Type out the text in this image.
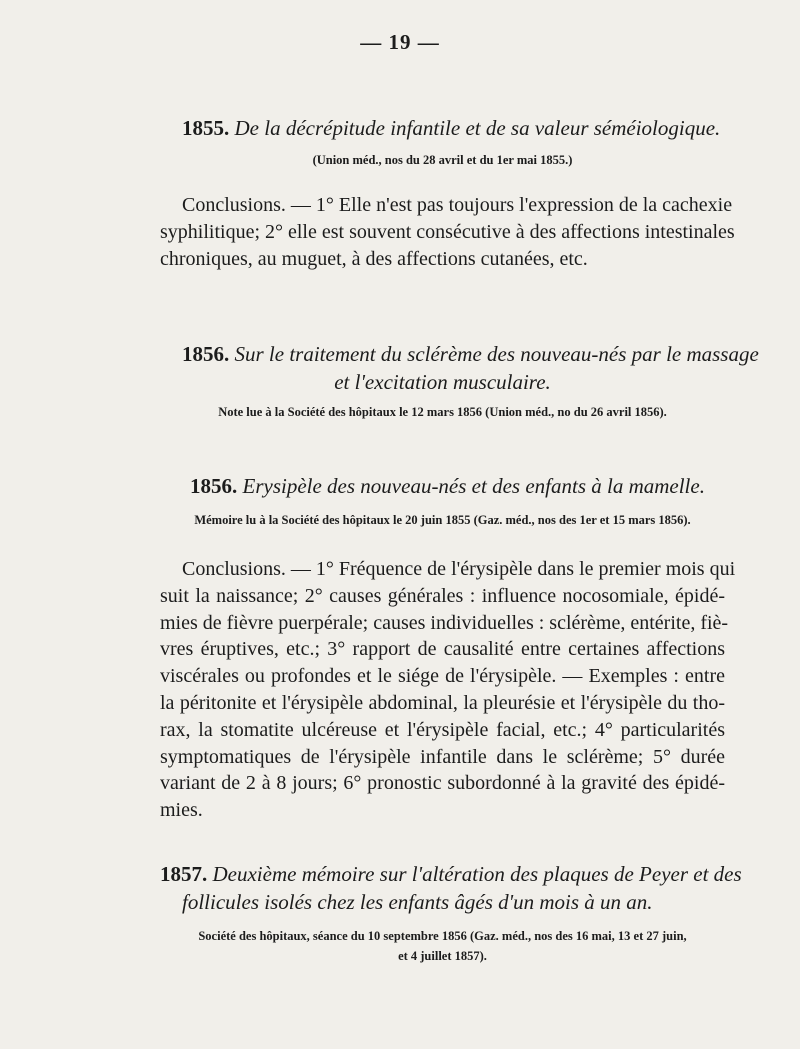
— 19 —
1855. De la décrépitude infantile et de sa valeur séméiologique.
(Union méd., nos du 28 avril et du 1er mai 1855.)
Conclusions. — 1° Elle n'est pas toujours l'expression de la cachexie
syphilitique; 2° elle est souvent consécutive à des affections intestinales
chroniques, au muguet, à des affections cutanées, etc.
1856. Sur le traitement du sclérème des nouveau-nés par le massage
et l'excitation musculaire.
Note lue à la Société des hôpitaux le 12 mars 1856 (Union méd., no du 26 avril 1856).
1856. Erysipèle des nouveau-nés et des enfants à la mamelle.
Mémoire lu à la Société des hôpitaux le 20 juin 1855 (Gaz. méd., nos des 1er et 15 mars 1856).
Conclusions. — 1° Fréquence de l'érysipèle dans le premier mois qui
suit la naissance; 2° causes générales : influence nocosomiale, épidé-
mies de fièvre puerpérale; causes individuelles : sclérème, entérite, fiè-
vres éruptives, etc.; 3° rapport de causalité entre certaines affections
viscérales ou profondes et le siége de l'érysipèle. — Exemples : entre
la péritonite et l'érysipèle abdominal, la pleurésie et l'érysipèle du tho-
rax, la stomatite ulcéreuse et l'érysipèle facial, etc.; 4° particularités
symptomatiques de l'érysipèle infantile dans le sclérème; 5° durée
variant de 2 à 8 jours; 6° pronostic subordonné à la gravité des épidé-
mies.
1857. Deuxième mémoire sur l'altération des plaques de Peyer et des
follicules isolés chez les enfants âgés d'un mois à un an.
Société des hôpitaux, séance du 10 septembre 1856 (Gaz. méd., nos des 16 mai, 13 et 27 juin,
et 4 juillet 1857).
